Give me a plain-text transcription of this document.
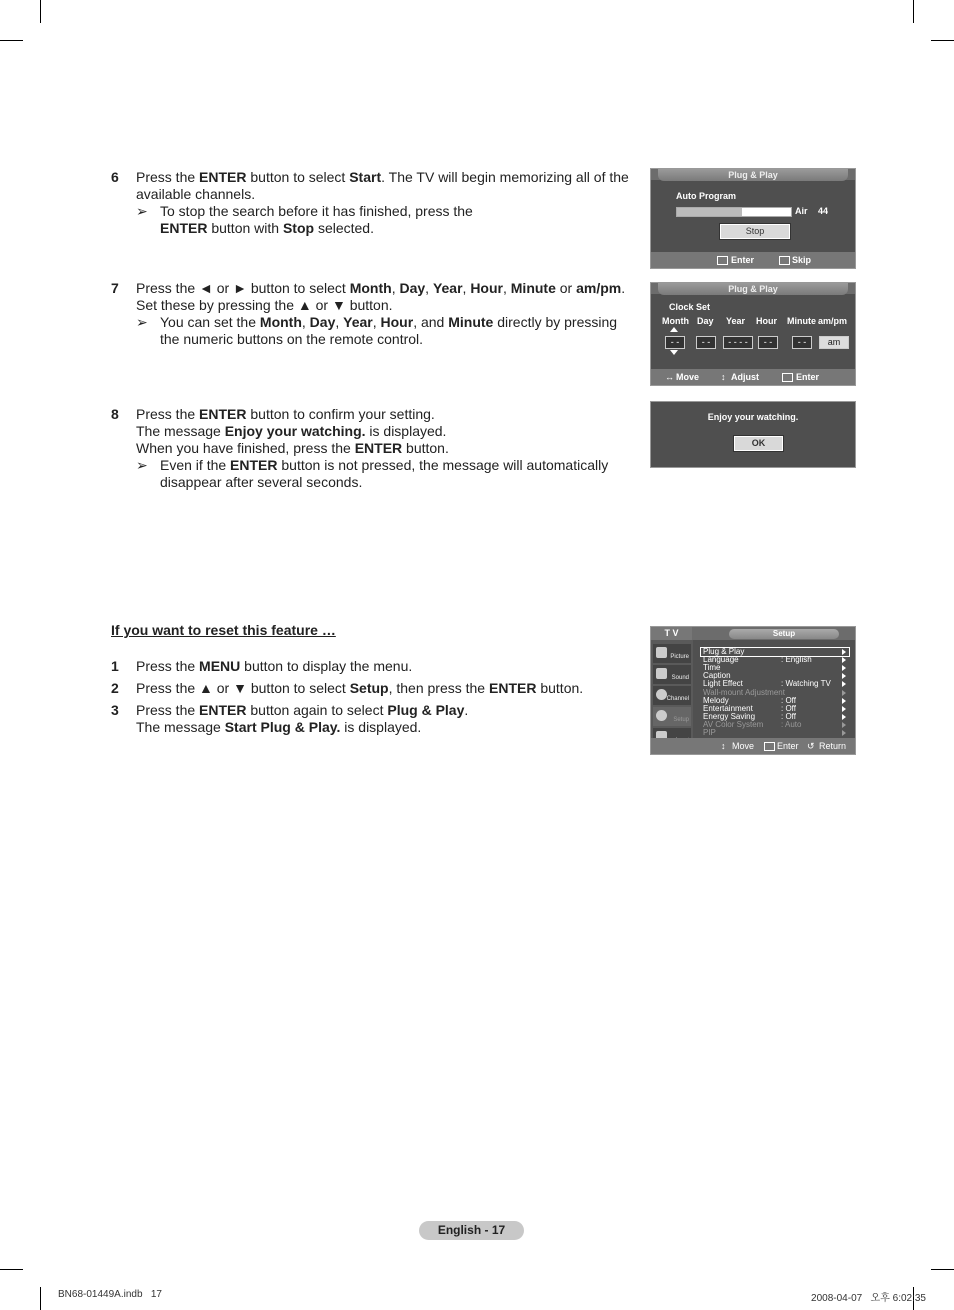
6 Press the ENTER button to select Start. The TV will begin memorizing all of the available channels.
➢ To stop the search before it has finished, press the ENTER button with Stop selected.
7 Press the ◄ or ► button to select Month, Day, Year, Hour, Minute or am/pm.
Set these by pressing the ▲ or ▼ button.
➢ You can set the Month, Day, Year, Hour, and Minute directly by pressing the numeric buttons on the remote control.
8 Press the ENTER button to confirm your setting.
The message Enjoy your watching. is displayed.
When you have finished, press the ENTER button.
➢ Even if the ENTER button is not pressed, the message will automatically disappear after several seconds.
If you want to reset this feature …
1 Press the MENU button to display the menu.
2 Press the ▲ or ▼ button to select Setup, then press the ENTER button.
3 Press the ENTER button again to select Plug & Play.
The message Start Plug & Play. is displayed.
Plug & Play
Auto Program
Air 44
Stop
Enter	Skip
Plug & Play
Clock Set
Month Day Year Hour Minute am/pm
- -	- -	- - - -	- -	- -	am
↔ Move ↕ Adjust	Enter
Enjoy your watching.
OK
T V	Setup
Picture
Sound
Channel
Setup
Plug & Play
Language	: English
Time
Caption
Light Effect	: Watching TV
Wall-mount Adjustment
Melody	: Off
Entertainment	: Off
Energy Saving	: Off
AV Color System : Auto
PIP
↕ Move	Enter ↺ Return
English - 17
BN68-01449A.indb   17	2008-04-07   오후 6:02:35
